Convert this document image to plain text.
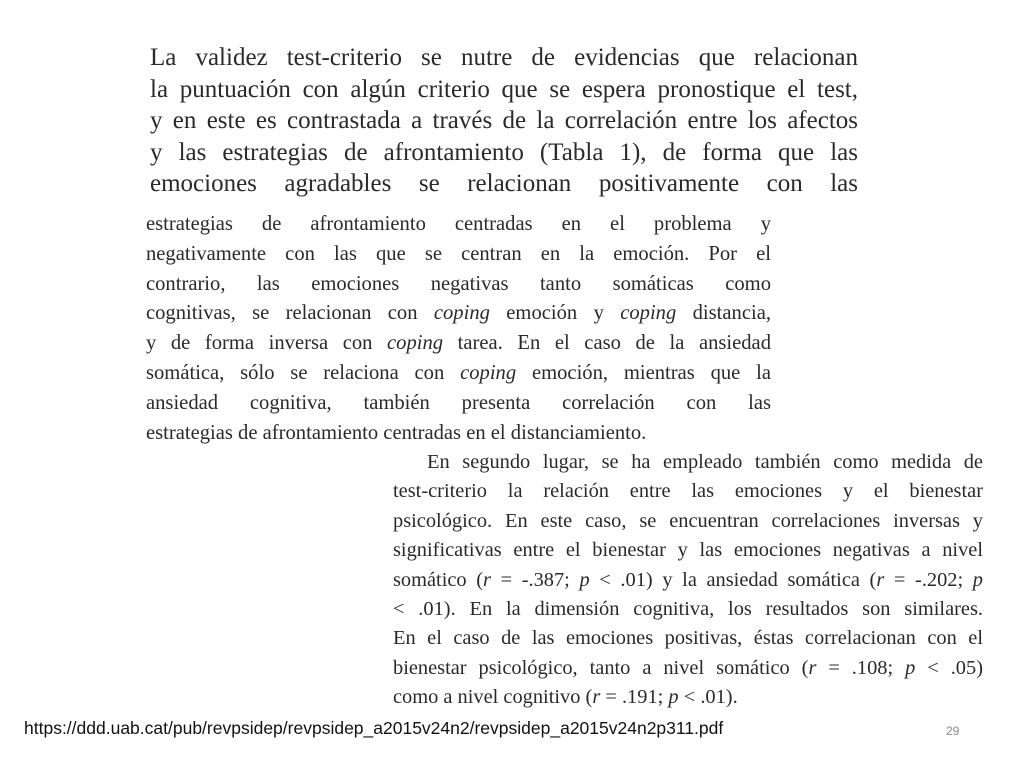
La validez test-criterio se nutre de evidencias que relacionan
la puntuación con algún criterio que se espera pronostique el test,
y en este es contrastada a través de la correlación entre los afectos
y las estrategias de afrontamiento (Tabla 1), de forma que las
emociones agradables se relacionan positivamente con las
estrategias de afrontamiento centradas en el problema y
negativamente con las que se centran en la emoción. Por el
contrario, las emociones negativas tanto somáticas como
cognitivas, se relacionan con coping emoción y coping distancia,
y de forma inversa con coping tarea. En el caso de la ansiedad
somática, sólo se relaciona con coping emoción, mientras que la
ansiedad cognitiva, también presenta correlación con las
estrategias de afrontamiento centradas en el distanciamiento.
En segundo lugar, se ha empleado también como medida de
test-criterio la relación entre las emociones y el bienestar
psicológico. En este caso, se encuentran correlaciones inversas y
significativas entre el bienestar y las emociones negativas a nivel
somático (r = -.387; p < .01) y la ansiedad somática (r = -.202; p
< .01). En la dimensión cognitiva, los resultados son similares.
En el caso de las emociones positivas, éstas correlacionan con el
bienestar psicológico, tanto a nivel somático (r = .108; p < .05)
como a nivel cognitivo (r = .191; p < .01).
https://ddd.uab.cat/pub/revpsidep/revpsidep_a2015v24n2/revpsidep_a2015v24n2p311.pdf	29
